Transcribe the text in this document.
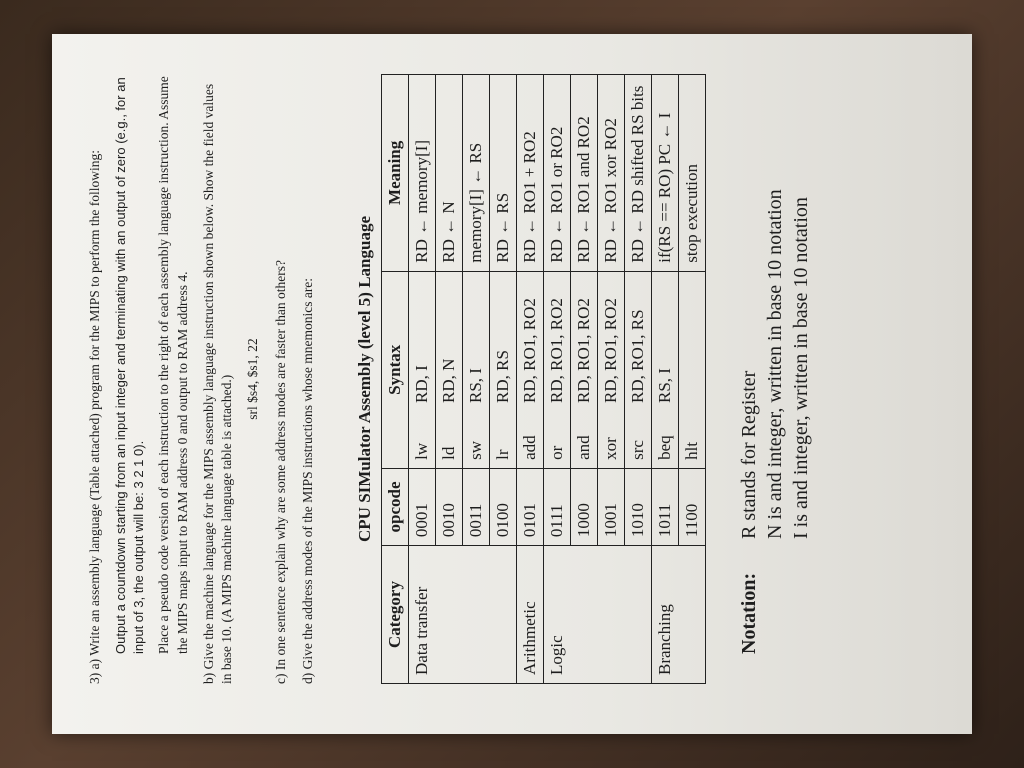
3) a) Write an assembly language (Table attached) program for the MIPS to perform the following: Output a countdown starting from an input integer and terminating with an output of zero (e.g., for an input of 3, the output will be: 3 2 1 0). Place a pseudo code version of each instruction to the right of each assembly language instruction. Assume the MIPS maps input to RAM address 0 and output to RAM address 4. b) Give the machine language for the MIPS assembly language instruction shown below. Show the field values in base 10. (A MIPS machine language table is attached.) srl $s4, $s1, 22 c) In one sentence explain why are some address modes are faster than others? d) Give the address modes of the MIPS instructions whose mnemonics are: CPU SIMulator Assembly (level 5) Language
Category	opcode	Syntax		Meaning
Data transfer	0001	lw	RD, I	RD ← memory[I]
	0010	ld	RD, N	RD ← N
	0011	sw	RS, I	memory[I] ← RS
	0100	lr	RD, RS	RD ← RS
Arithmetic	0101	add	RD, RO1, RO2	RD ← RO1 + RO2
Logic	0111	or	RD, RO1, RO2	RD ← RO1 or RO2
	1000	and	RD, RO1, RO2	RD ← RO1 and RO2
	1001	xor	RD, RO1, RO2	RD ← RO1 xor RO2
	1010	src	RD, RO1, RS	RD ← RD shifted RS bits
Branching	1011	beq	RS, I	if(RS == RO) PC ← I
	1100	hlt		stop execution
Notation:
R stands for Register N is and integer, written in base 10 notation I is and integer, written in base 10 notation
